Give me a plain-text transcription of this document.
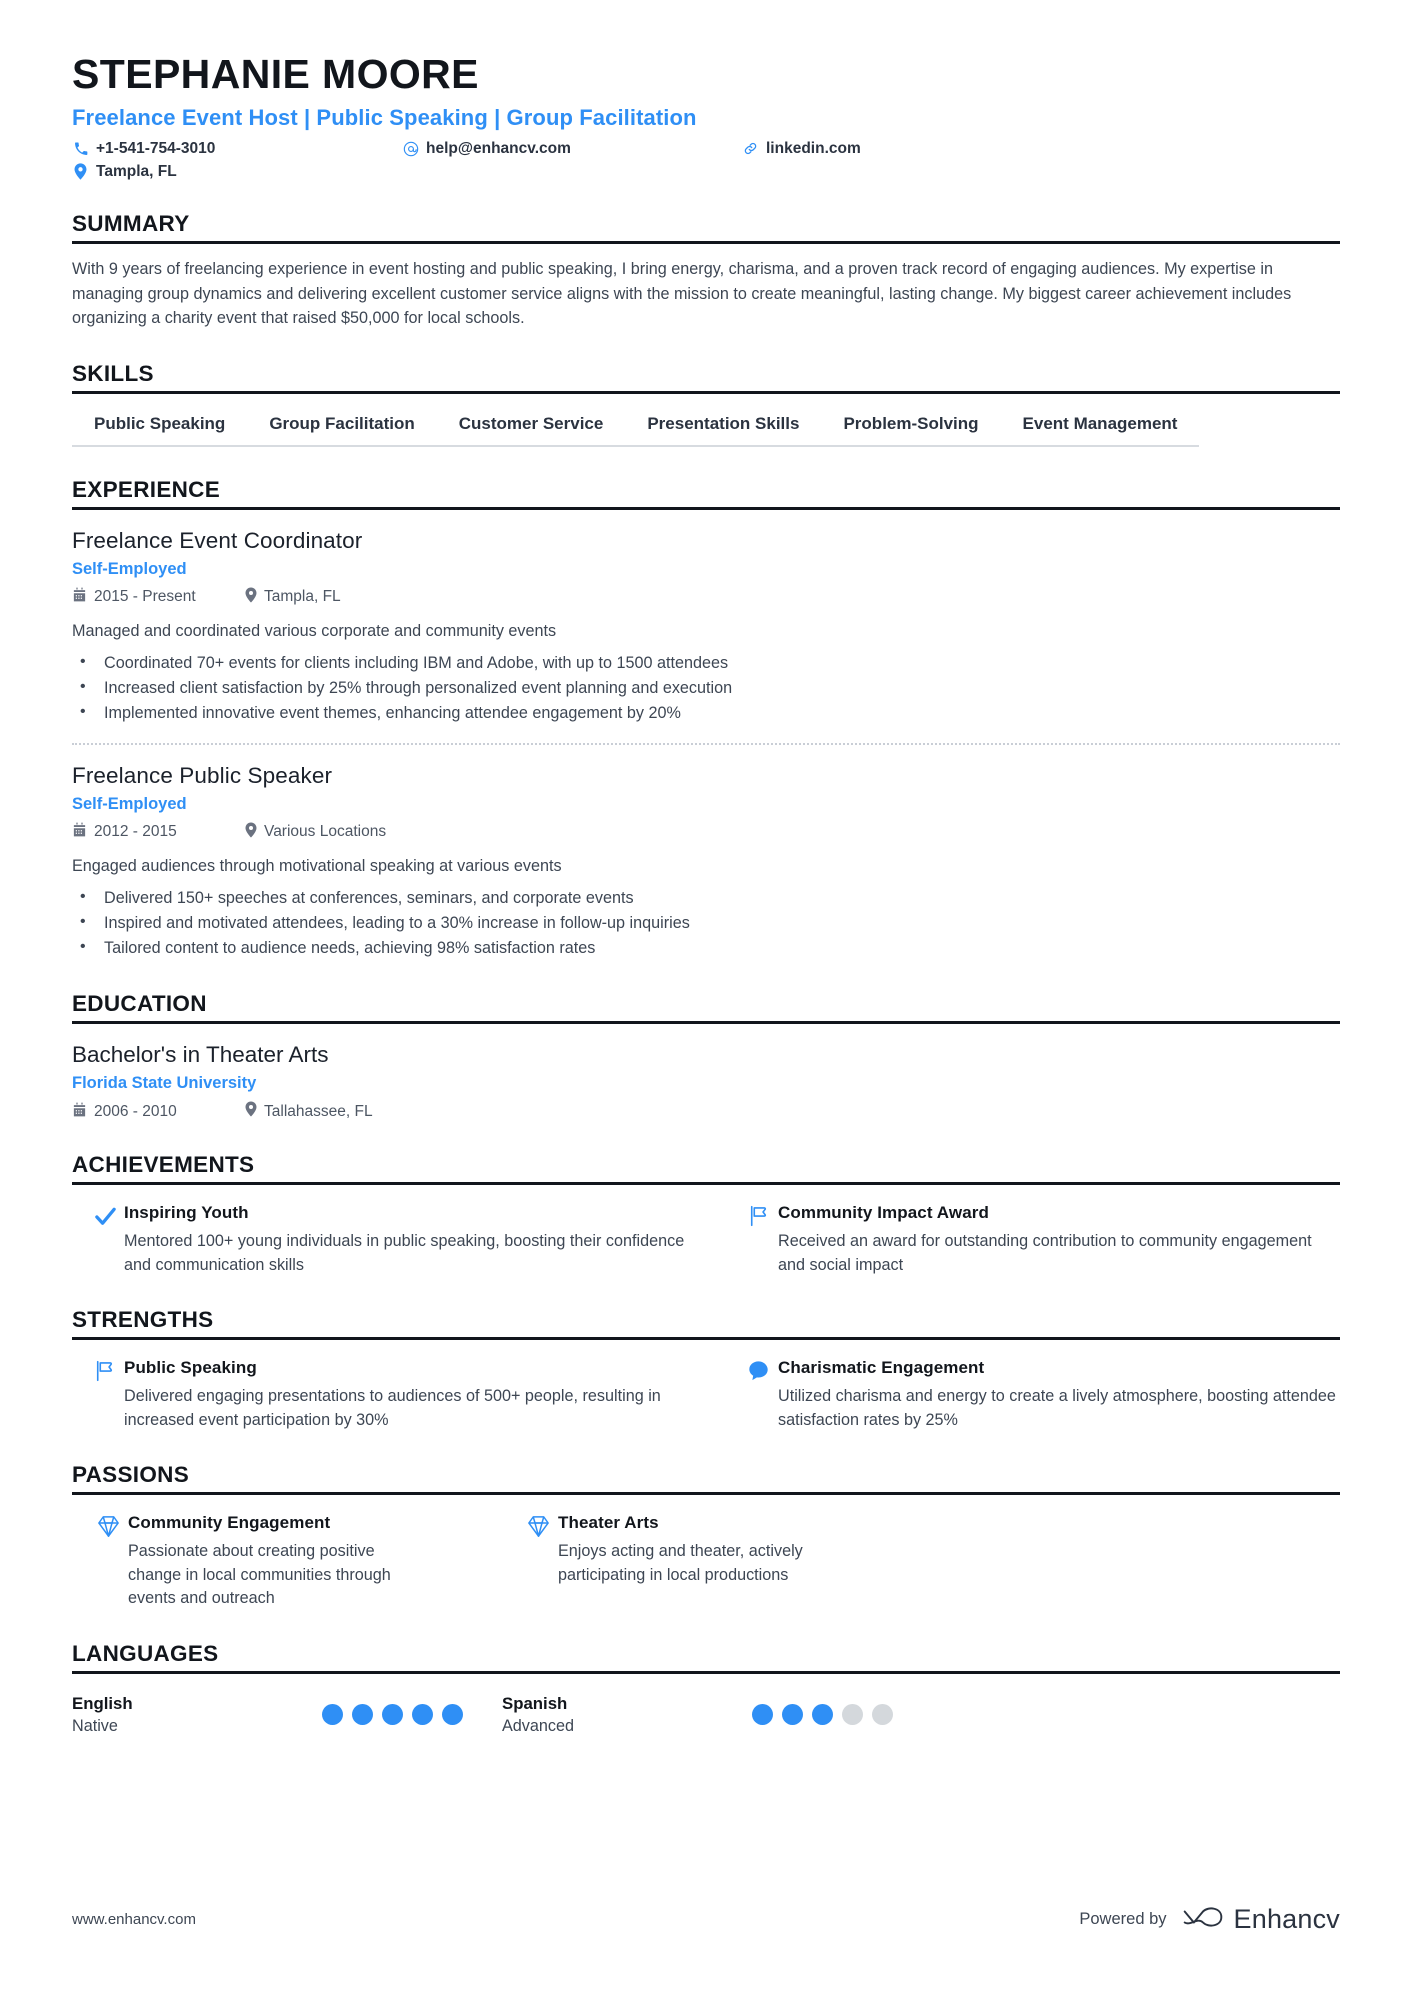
STEPHANIE MOORE
Freelance Event Host | Public Speaking | Group Facilitation
+1-541-754-3010	help@enhancv.com	linkedin.com
Tampla, FL
SUMMARY
With 9 years of freelancing experience in event hosting and public speaking, I bring energy, charisma, and a proven track record of engaging audiences. My expertise in managing group dynamics and delivering excellent customer service aligns with the mission to create meaningful, lasting change. My biggest career achievement includes organizing a charity event that raised $50,000 for local schools.
SKILLS
Public Speaking	Group Facilitation	Customer Service	Presentation Skills	Problem-Solving	Event Management
EXPERIENCE
Freelance Event Coordinator
Self-Employed
2015 - Present	Tampla, FL
Managed and coordinated various corporate and community events
• Coordinated 70+ events for clients including IBM and Adobe, with up to 1500 attendees
• Increased client satisfaction by 25% through personalized event planning and execution
• Implemented innovative event themes, enhancing attendee engagement by 20%
Freelance Public Speaker
Self-Employed
2012 - 2015	Various Locations
Engaged audiences through motivational speaking at various events
• Delivered 150+ speeches at conferences, seminars, and corporate events
• Inspired and motivated attendees, leading to a 30% increase in follow-up inquiries
• Tailored content to audience needs, achieving 98% satisfaction rates
EDUCATION
Bachelor's in Theater Arts
Florida State University
2006 - 2010	Tallahassee, FL
ACHIEVEMENTS
Inspiring Youth
Mentored 100+ young individuals in public speaking, boosting their confidence and communication skills
Community Impact Award
Received an award for outstanding contribution to community engagement and social impact
STRENGTHS
Public Speaking
Delivered engaging presentations to audiences of 500+ people, resulting in increased event participation by 30%
Charismatic Engagement
Utilized charisma and energy to create a lively atmosphere, boosting attendee satisfaction rates by 25%
PASSIONS
Community Engagement
Passionate about creating positive change in local communities through events and outreach
Theater Arts
Enjoys acting and theater, actively participating in local productions
LANGUAGES
English
Native
Spanish
Advanced
www.enhancv.com	Powered by Enhancv
